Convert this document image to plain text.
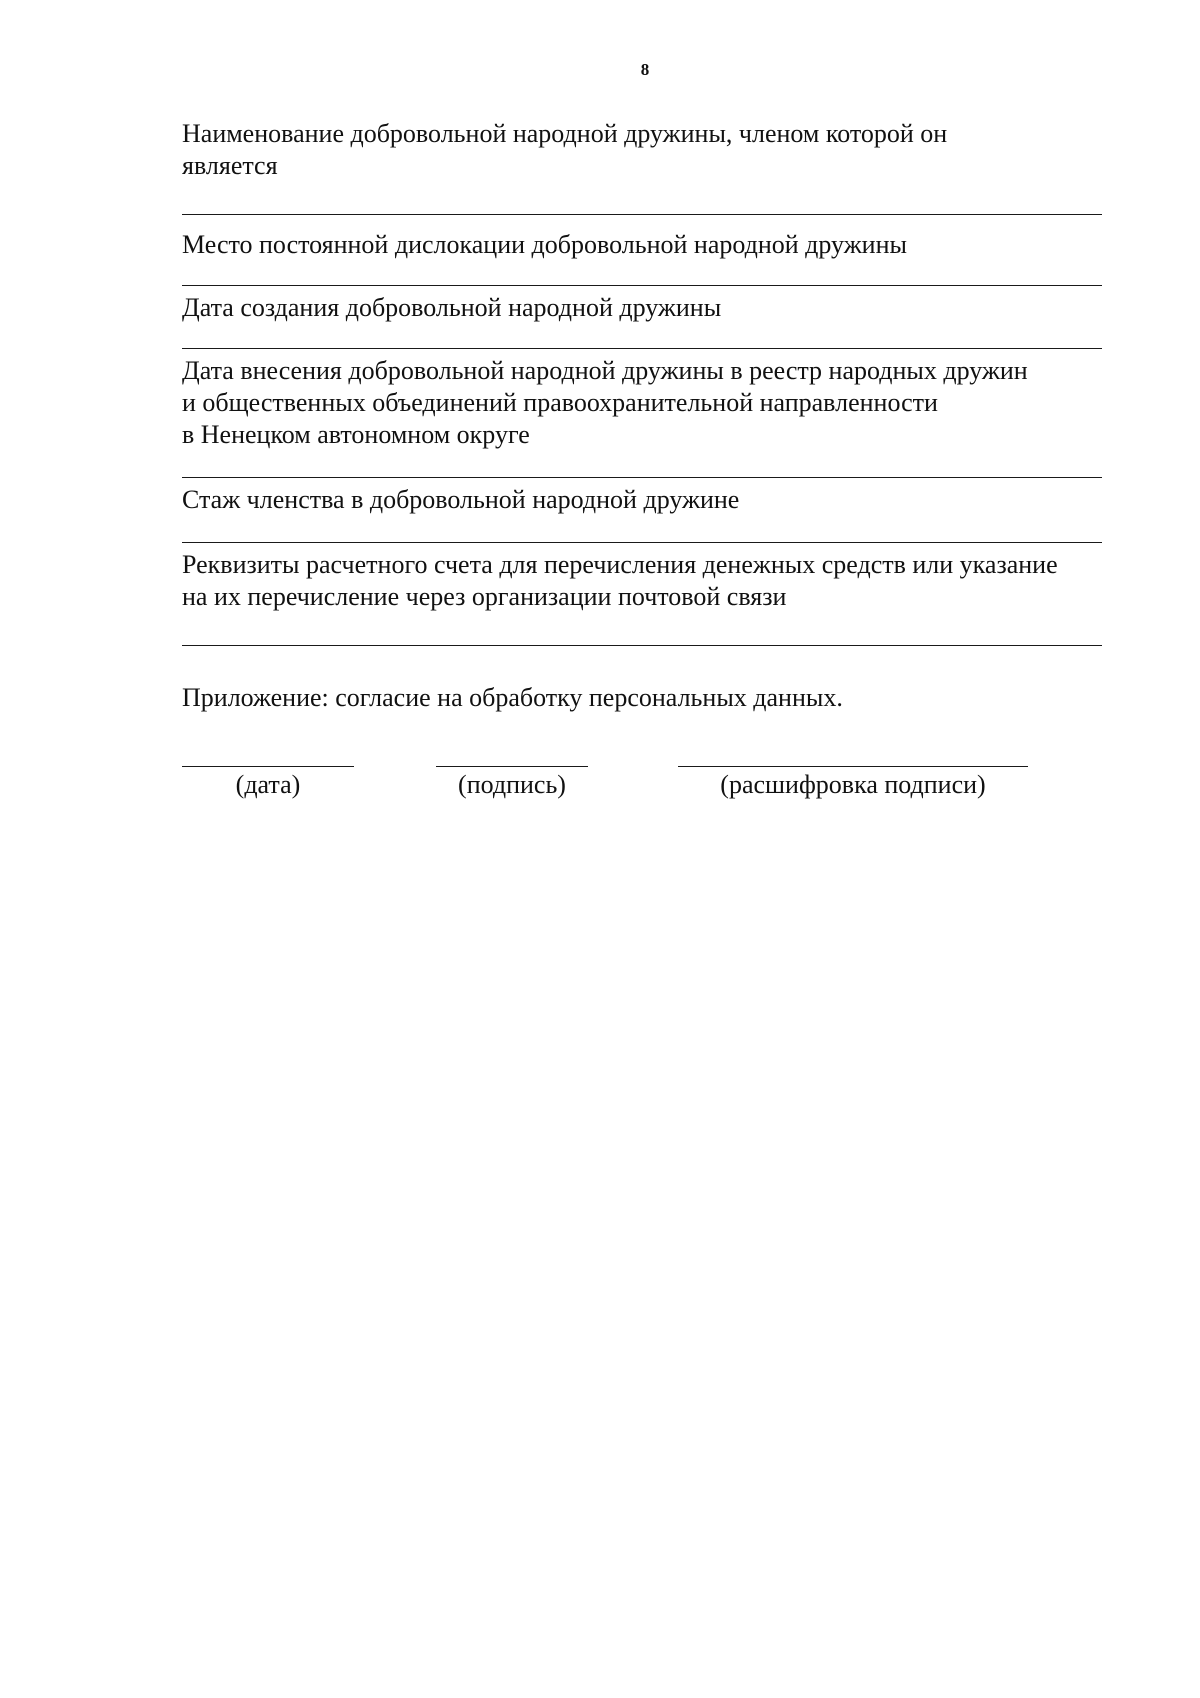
8

Наименование добровольной народной дружины, членом которой он
является

Место постоянной дислокации добровольной народной дружины

Дата создания добровольной народной дружины

Дата внесения добровольной народной дружины в реестр народных дружин
и общественных объединений правоохранительной направленности
в Ненецком автономном округе

Стаж членства в добровольной народной дружине

Реквизиты расчетного счета для перечисления денежных средств или указание
на их перечисление через организации почтовой связи

Приложение: согласие на обработку персональных данных.
(дата)	(подпись)	(расшифровка подписи)
